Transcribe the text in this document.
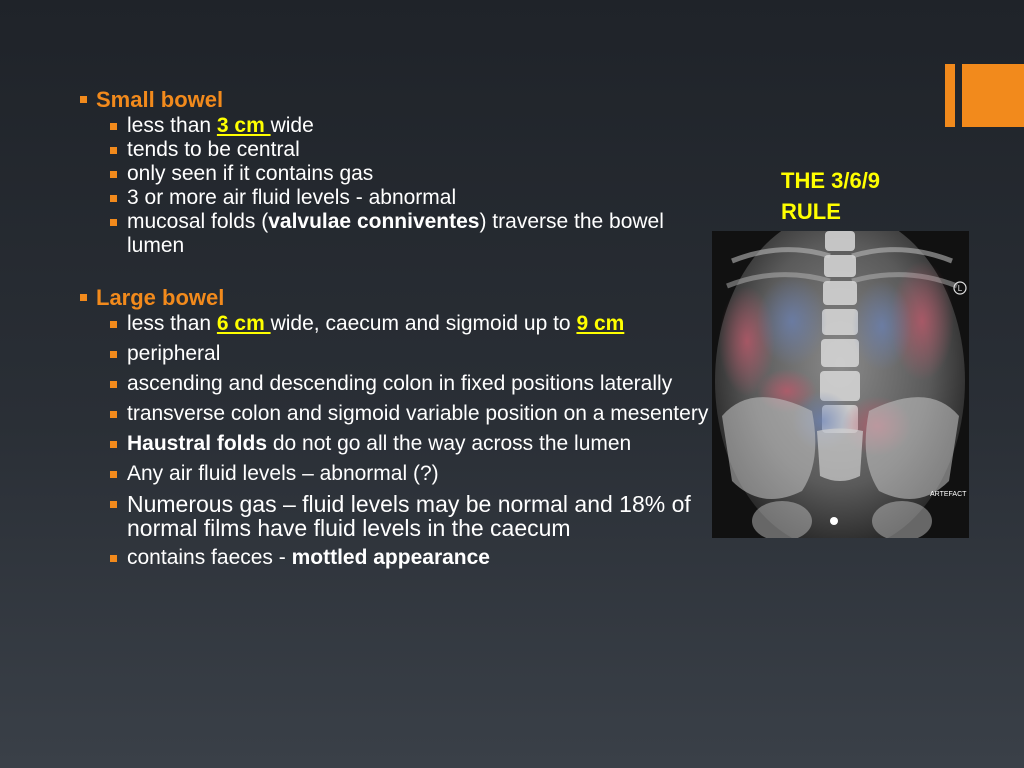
Small bowel
less than 3 cm wide
tends to be central
only seen if it contains gas
3 or more air fluid levels - abnormal
mucosal folds (valvulae conniventes) traverse the bowel lumen
Large bowel
less than 6 cm wide, caecum and sigmoid up to 9 cm
peripheral
ascending and descending colon in fixed positions laterally
transverse colon and sigmoid variable position on a mesentery
Haustral folds do not go all the way across the lumen
Any air fluid levels – abnormal (?)
Numerous gas – fluid levels may be normal and 18% of normal films have fluid levels in the caecum
contains faeces - mottled appearance
THE 3/6/9
RULE
L
ARTEFACT
